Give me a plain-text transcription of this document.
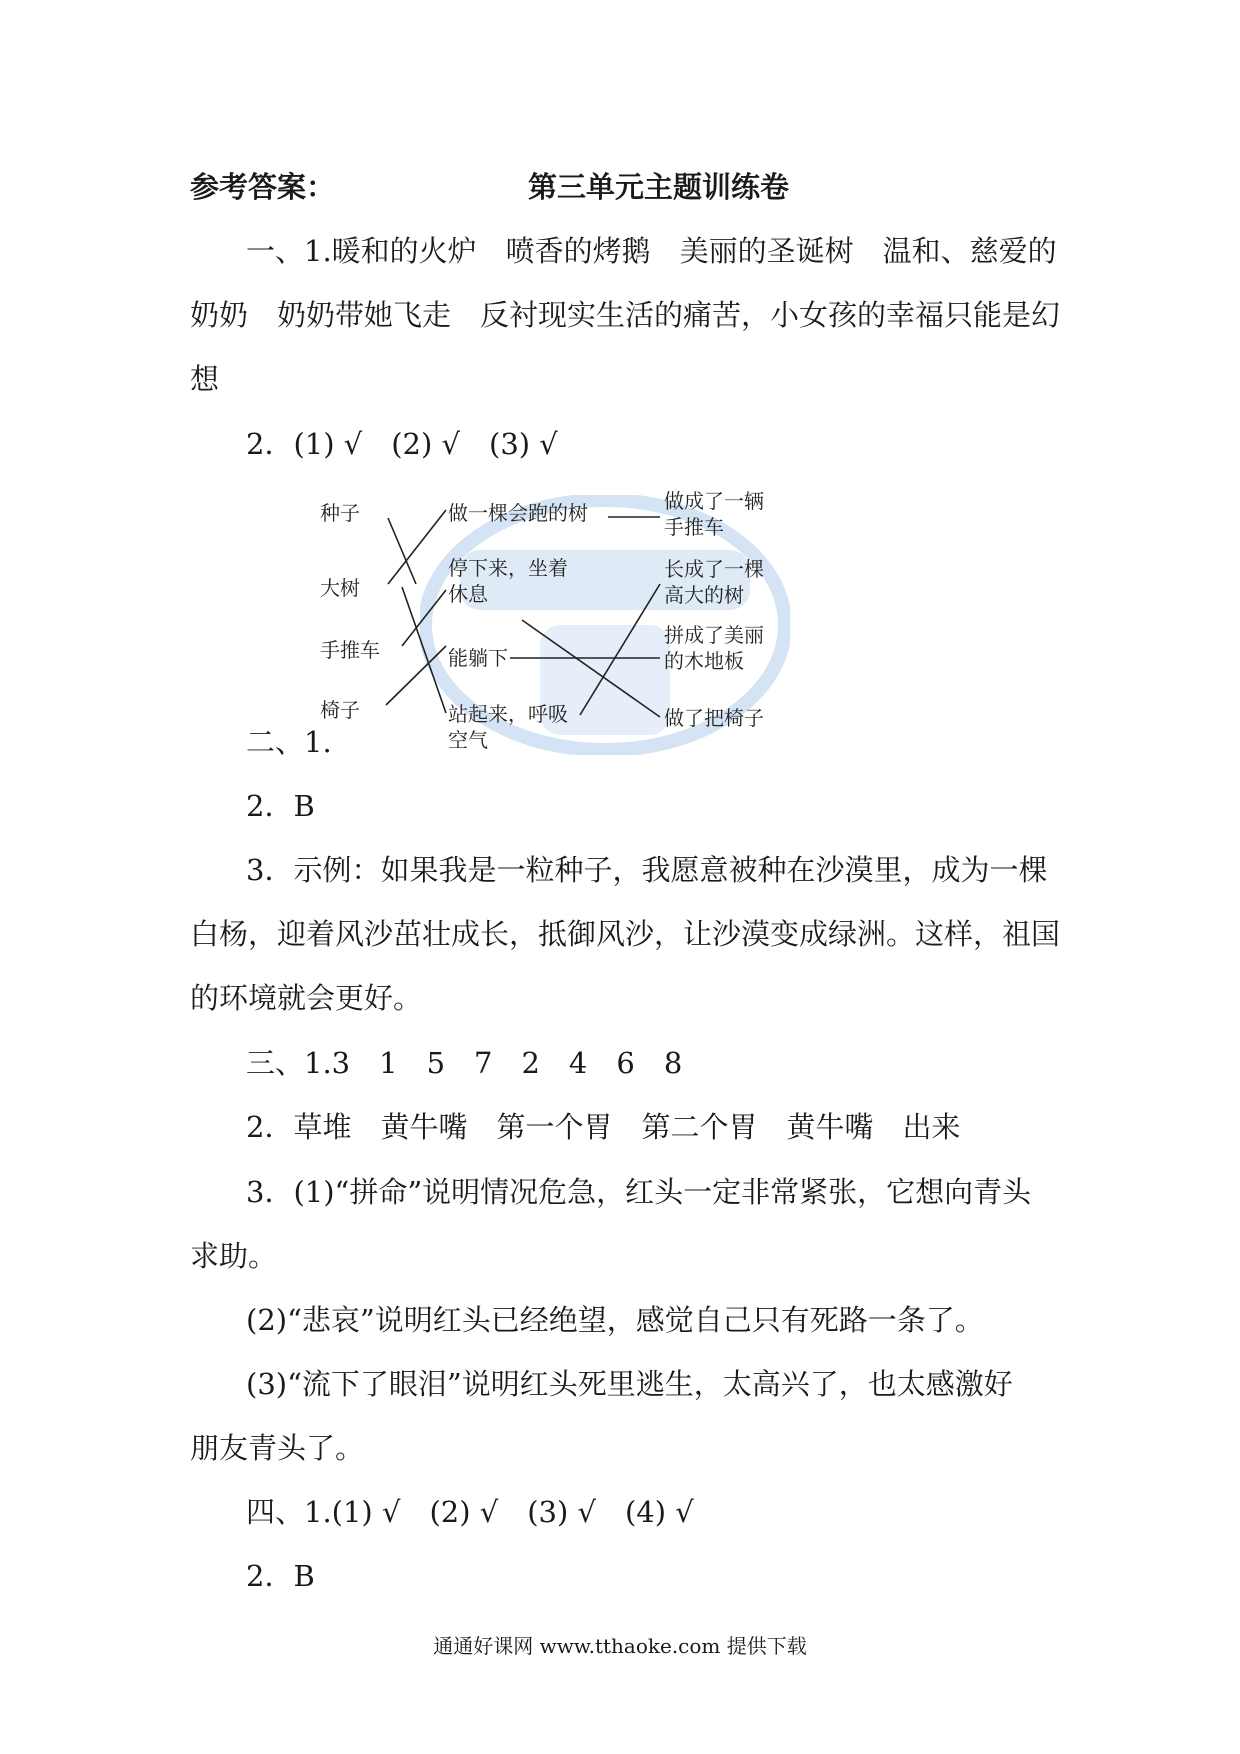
参考答案：	第三单元主题训练卷
一、1.暖和的火炉　喷香的烤鹅　美丽的圣诞树　温和、慈爱的
奶奶　奶奶带她飞走　反衬现实生活的痛苦，小女孩的幸福只能是幻
想
2．(1) √　(2) √　(3) √
种子
大树
手推车
椅子
做一棵会跑的树
停下来，坐着
休息
能躺下
站起来，呼吸
空气
做成了一辆
手推车
长成了一棵
高大的树
拼成了美丽
的木地板
做了把椅子
二、1.
2．B
3．示例：如果我是一粒种子，我愿意被种在沙漠里，成为一棵
白杨，迎着风沙茁壮成长，抵御风沙，让沙漠变成绿洲。这样，祖国
的环境就会更好。
三、1.3　1　5　7　2　4　6　8
2．草堆　黄牛嘴　第一个胃　第二个胃　黄牛嘴　出来
3．(1)“拼命”说明情况危急，红头一定非常紧张，它想向青头
求助。
(2)“悲哀”说明红头已经绝望，感觉自己只有死路一条了。
(3)“流下了眼泪”说明红头死里逃生，太高兴了，也太感激好
朋友青头了。
四、1.(1) √　(2) √　(3) √　(4) √
2．B
通通好课网 www.tthaoke.com 提供下载
